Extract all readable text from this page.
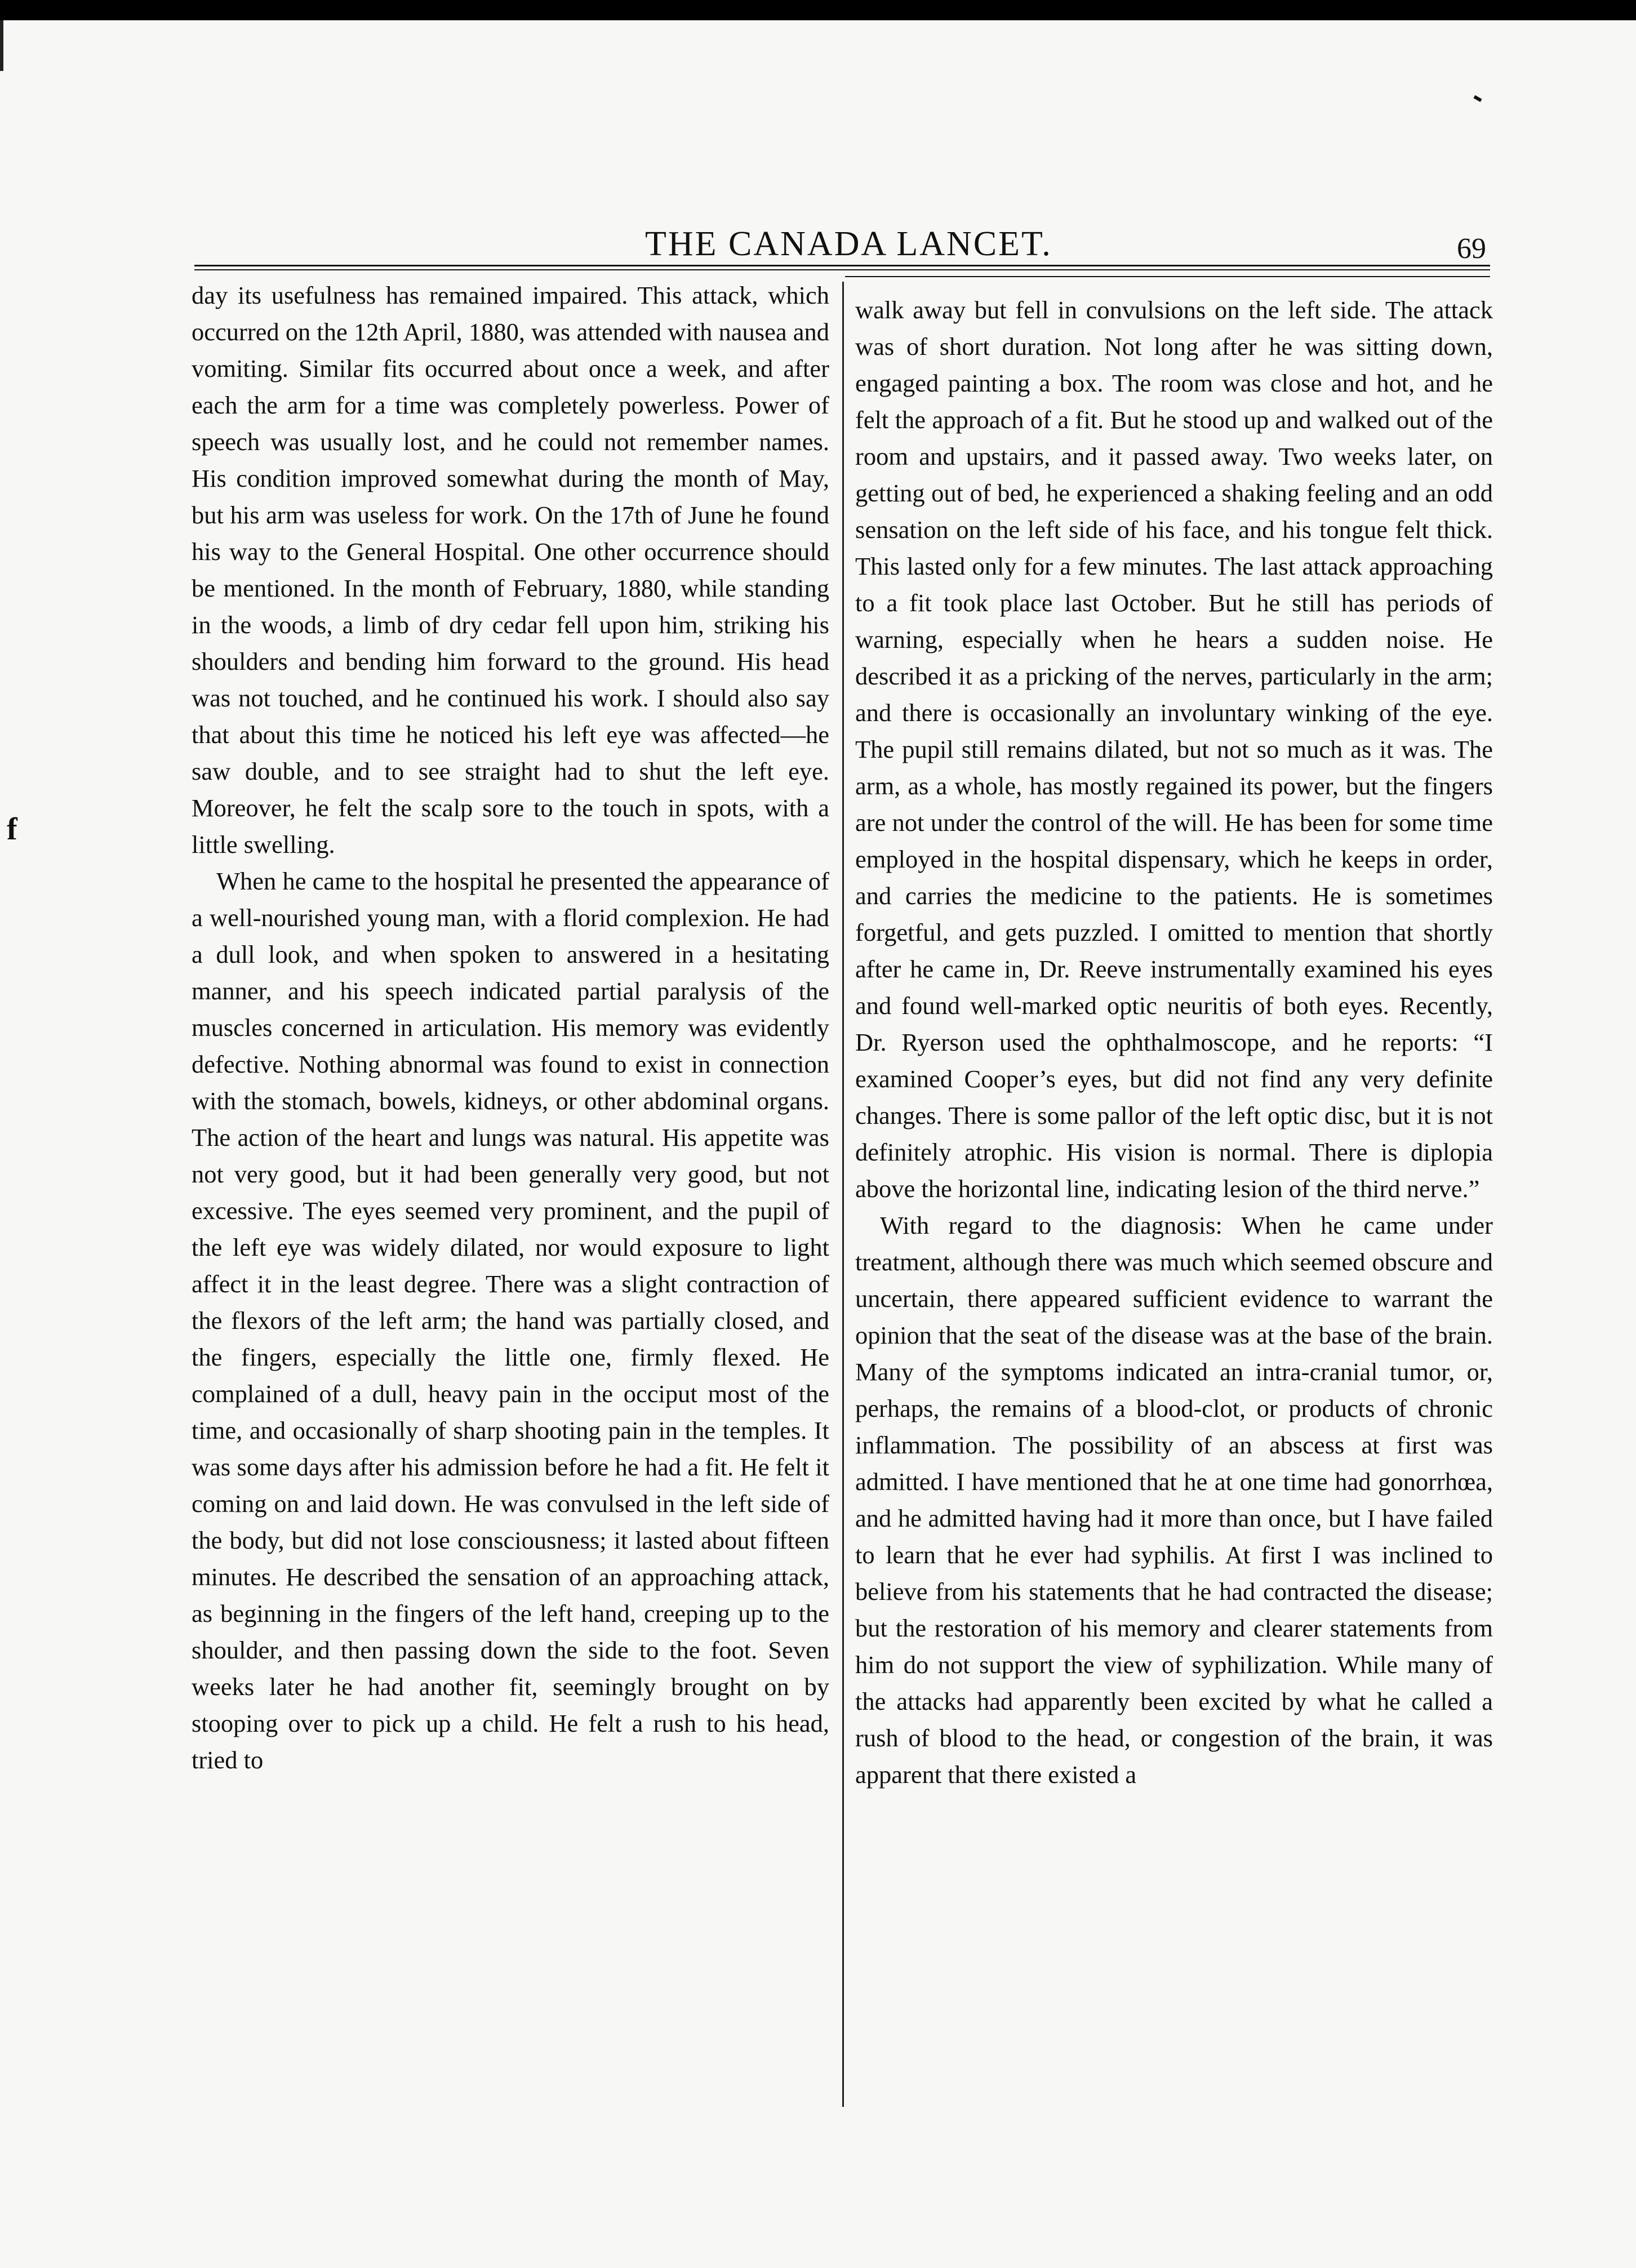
THE CANADA LANCET.	69
f

day its usefulness has remained impaired. This attack, which occurred on the 12th April, 1880, was attended with nausea and vomiting. Similar fits occurred about once a week, and after each the arm for a time was completely powerless. Power of speech was usually lost, and he could not remember names. His condition improved somewhat during the month of May, but his arm was useless for work. On the 17th of June he found his way to the General Hospital. One other occurrence should be mentioned. In the month of February, 1880, while standing in the woods, a limb of dry cedar fell upon him, striking his shoulders and bending him forward to the ground. His head was not touched, and he continued his work. I should also say that about this time he noticed his left eye was affected—he saw double, and to see straight had to shut the left eye. Moreover, he felt the scalp sore to the touch in spots, with a little swelling.

When he came to the hospital he presented the appearance of a well-nourished young man, with a florid complexion. He had a dull look, and when spoken to answered in a hesitating manner, and his speech indicated partial paralysis of the muscles concerned in articulation. His memory was evidently defective. Nothing abnormal was found to exist in connection with the stomach, bowels, kidneys, or other abdominal organs. The action of the heart and lungs was natural. His appetite was not very good, but it had been generally very good, but not excessive. The eyes seemed very prominent, and the pupil of the left eye was widely dilated, nor would exposure to light affect it in the least degree. There was a slight contraction of the flexors of the left arm; the hand was partially closed, and the fingers, especially the little one, firmly flexed. He complained of a dull, heavy pain in the occiput most of the time, and occasionally of sharp shooting pain in the temples. It was some days after his admission before he had a fit. He felt it coming on and laid down. He was convulsed in the left side of the body, but did not lose consciousness; it lasted about fifteen minutes. He described the sensation of an approaching attack, as beginning in the fingers of the left hand, creeping up to the shoulder, and then passing down the side to the foot. Seven weeks later he had another fit, seemingly brought on by stooping over to pick up a child. He felt a rush to his head, tried to

walk away but fell in convulsions on the left side. The attack was of short duration. Not long after he was sitting down, engaged painting a box. The room was close and hot, and he felt the approach of a fit. But he stood up and walked out of the room and upstairs, and it passed away. Two weeks later, on getting out of bed, he experienced a shaking feeling and an odd sensation on the left side of his face, and his tongue felt thick. This lasted only for a few minutes. The last attack approaching to a fit took place last October. But he still has periods of warning, especially when he hears a sudden noise. He described it as a pricking of the nerves, particularly in the arm; and there is occasionally an involuntary winking of the eye. The pupil still remains dilated, but not so much as it was. The arm, as a whole, has mostly regained its power, but the fingers are not under the control of the will. He has been for some time employed in the hospital dispensary, which he keeps in order, and carries the medicine to the patients. He is sometimes forgetful, and gets puzzled. I omitted to mention that shortly after he came in, Dr. Reeve instrumentally examined his eyes and found well-marked optic neuritis of both eyes. Recently, Dr. Ryerson used the ophthalmoscope, and he reports: “I examined Cooper’s eyes, but did not find any very definite changes. There is some pallor of the left optic disc, but it is not definitely atrophic. His vision is normal. There is diplopia above the horizontal line, indicating lesion of the third nerve.”

With regard to the diagnosis: When he came under treatment, although there was much which seemed obscure and uncertain, there appeared sufficient evidence to warrant the opinion that the seat of the disease was at the base of the brain. Many of the symptoms indicated an intra-cranial tumor, or, perhaps, the remains of a blood-clot, or products of chronic inflammation. The possibility of an abscess at first was admitted. I have mentioned that he at one time had gonorrhœa, and he admitted having had it more than once, but I have failed to learn that he ever had syphilis. At first I was inclined to believe from his statements that he had contracted the disease; but the restoration of his memory and clearer statements from him do not support the view of syphilization. While many of the attacks had apparently been excited by what he called a rush of blood to the head, or congestion of the brain, it was apparent that there existed a
